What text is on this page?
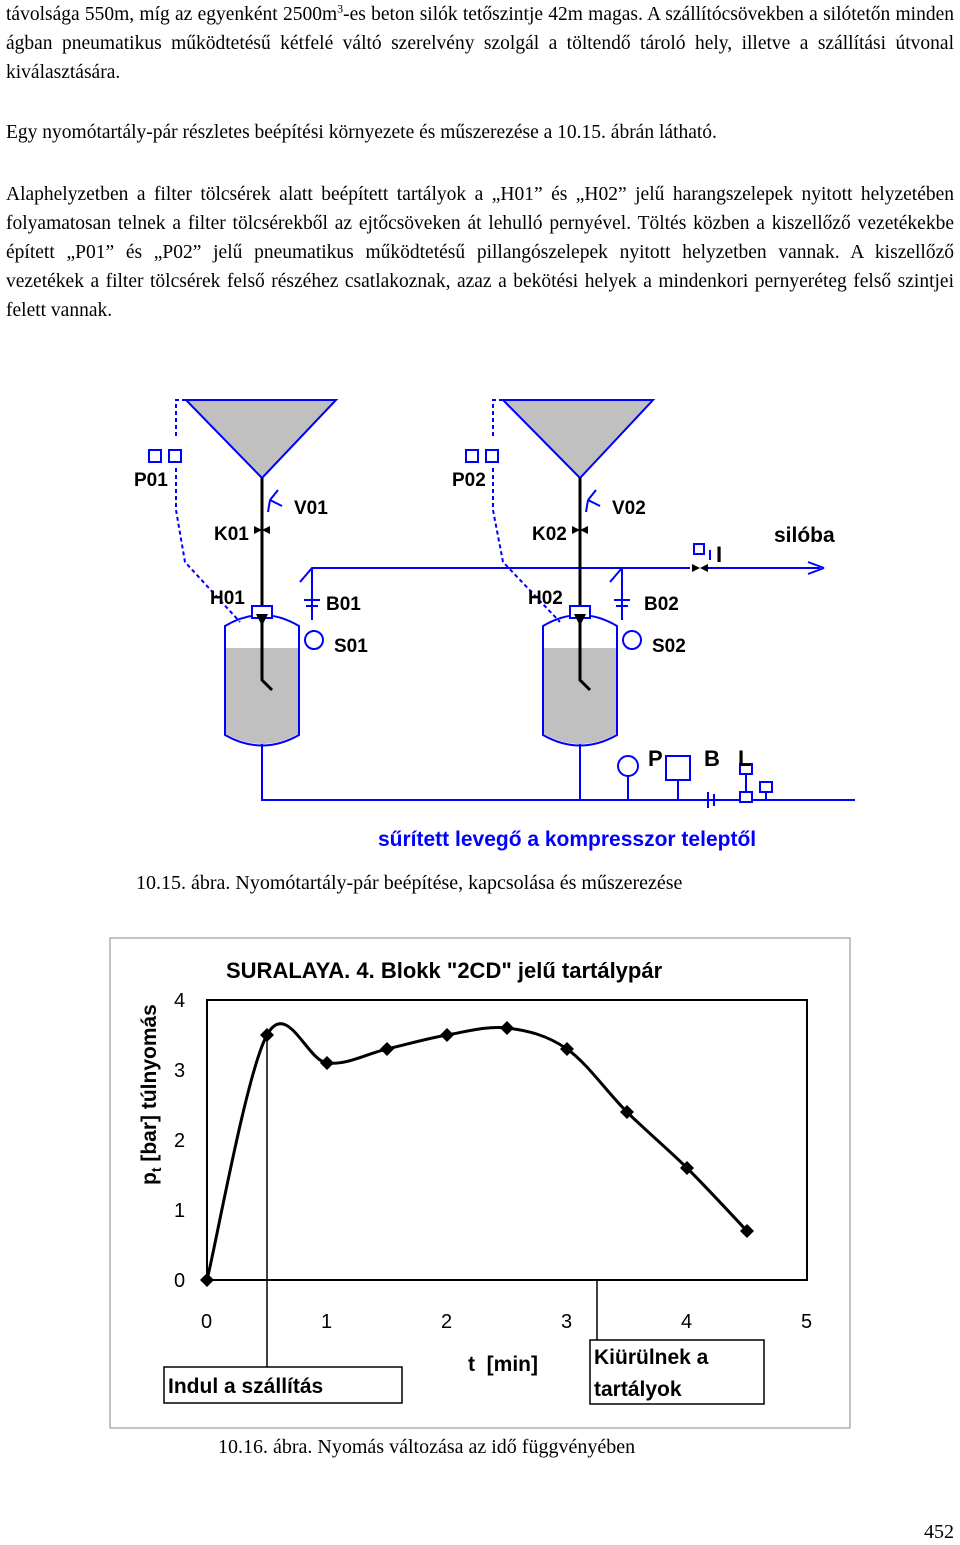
távolsága 550m, míg az egyenként $2500m^3-es$ beton silók tetőszintje 42m magas. A szállítócsövekben a silótetőn minden ágban pneumatikus működtetésű kétfelé váltó szerelvény szolgál a töltendő tároló hely, illetve a szállítási útvonal kiválasztására.
Egy nyomótartály-pár részletes beépítési környezete és műszerezése a 10.15. ábrán látható.
Alaphelyzetben a filter tölcsérek alatt beépített tartályok a „H01” és „H02” jelű harangszelepek nyitott helyzetében folyamatosan telnek a filter tölcsérekből az ejtőcsöveken át lehulló pernyével. Töltés közben a kiszellőző vezetékekbe épített „P01” és „P02” jelű pneumatikus működtetésű pillangószelepek nyitott helyzetben vannak. A kiszellőző vezetékek a filter tölcsérek felső részéhez csatlakoznak, azaz a bekötési helyek a mindenkori pernyeréteg felső szintjei felett vannak.
P01
V01
K01
H01	B01
S01
P02
V02
K02
H02	B02
S02
I
silóba
P B L
sűrített levegő a kompresszor teleptől
10.15. ábra. Nyomótartály-pár beépítése, kapcsolása és műszerezése
SURALAYA. 4. Blokk "2CD" jelű tartálypár
0
1
2
3
4
0	1	2	3	4	5
$p_t$ [bar] túlnyomás
t  [min]
Indul a szállítás
Kiürülnek a
tartályok
10.16. ábra. Nyomás változása az idő függvényében
452
